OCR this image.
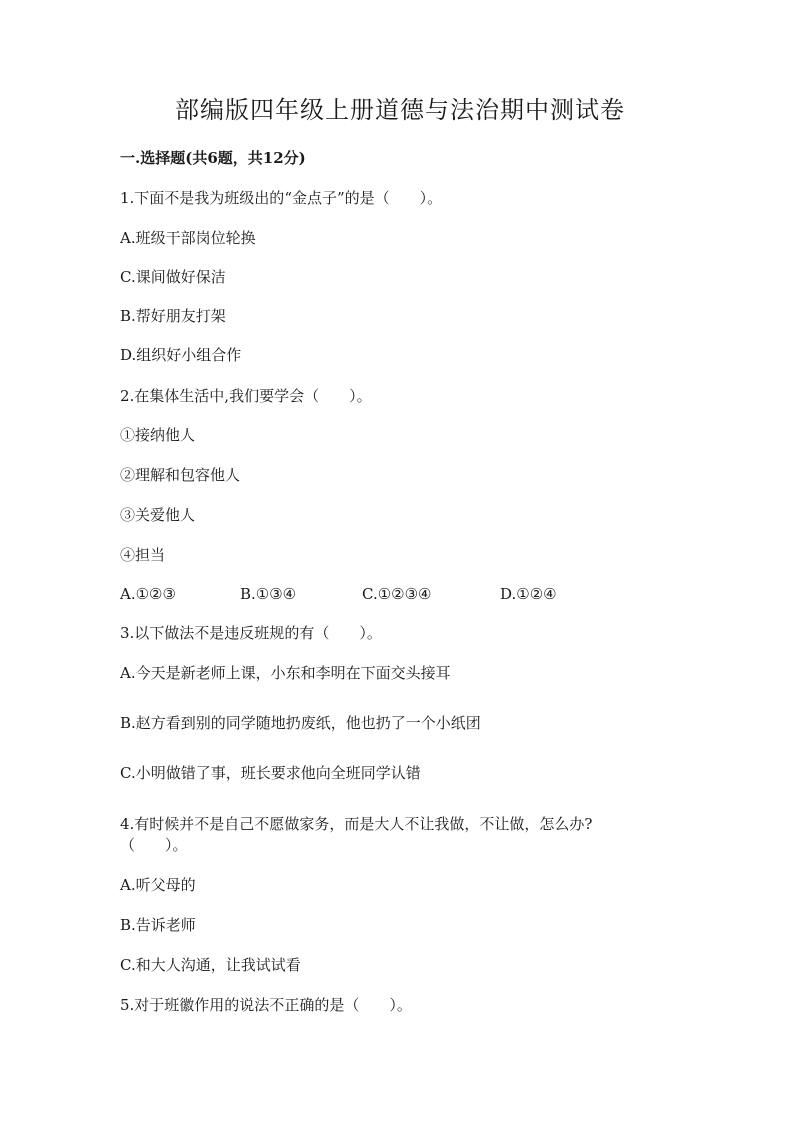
部编版四年级上册道德与法治期中测试卷
一.选择题(共6题，共12分)
1.下面不是我为班级出的“金点子”的是（　　）。
A.班级干部岗位轮换
C.课间做好保洁
B.帮好朋友打架
D.组织好小组合作
2.在集体生活中,我们要学会（　　）。
①接纳他人
②理解和包容他人
③关爱他人
④担当
A.①②③	B.①③④	C.①②③④	D.①②④
3.以下做法不是违反班规的有（　　）。
A.今天是新老师上课，小东和李明在下面交头接耳
B.赵方看到别的同学随地扔废纸，他也扔了一个小纸团
C.小明做错了事，班长要求他向全班同学认错
4.有时候并不是自己不愿做家务，而是大人不让我做，不让做，怎么办?
（　　）。
A.听父母的
B.告诉老师
C.和大人沟通，让我试试看
5.对于班徽作用的说法不正确的是（　　）。
